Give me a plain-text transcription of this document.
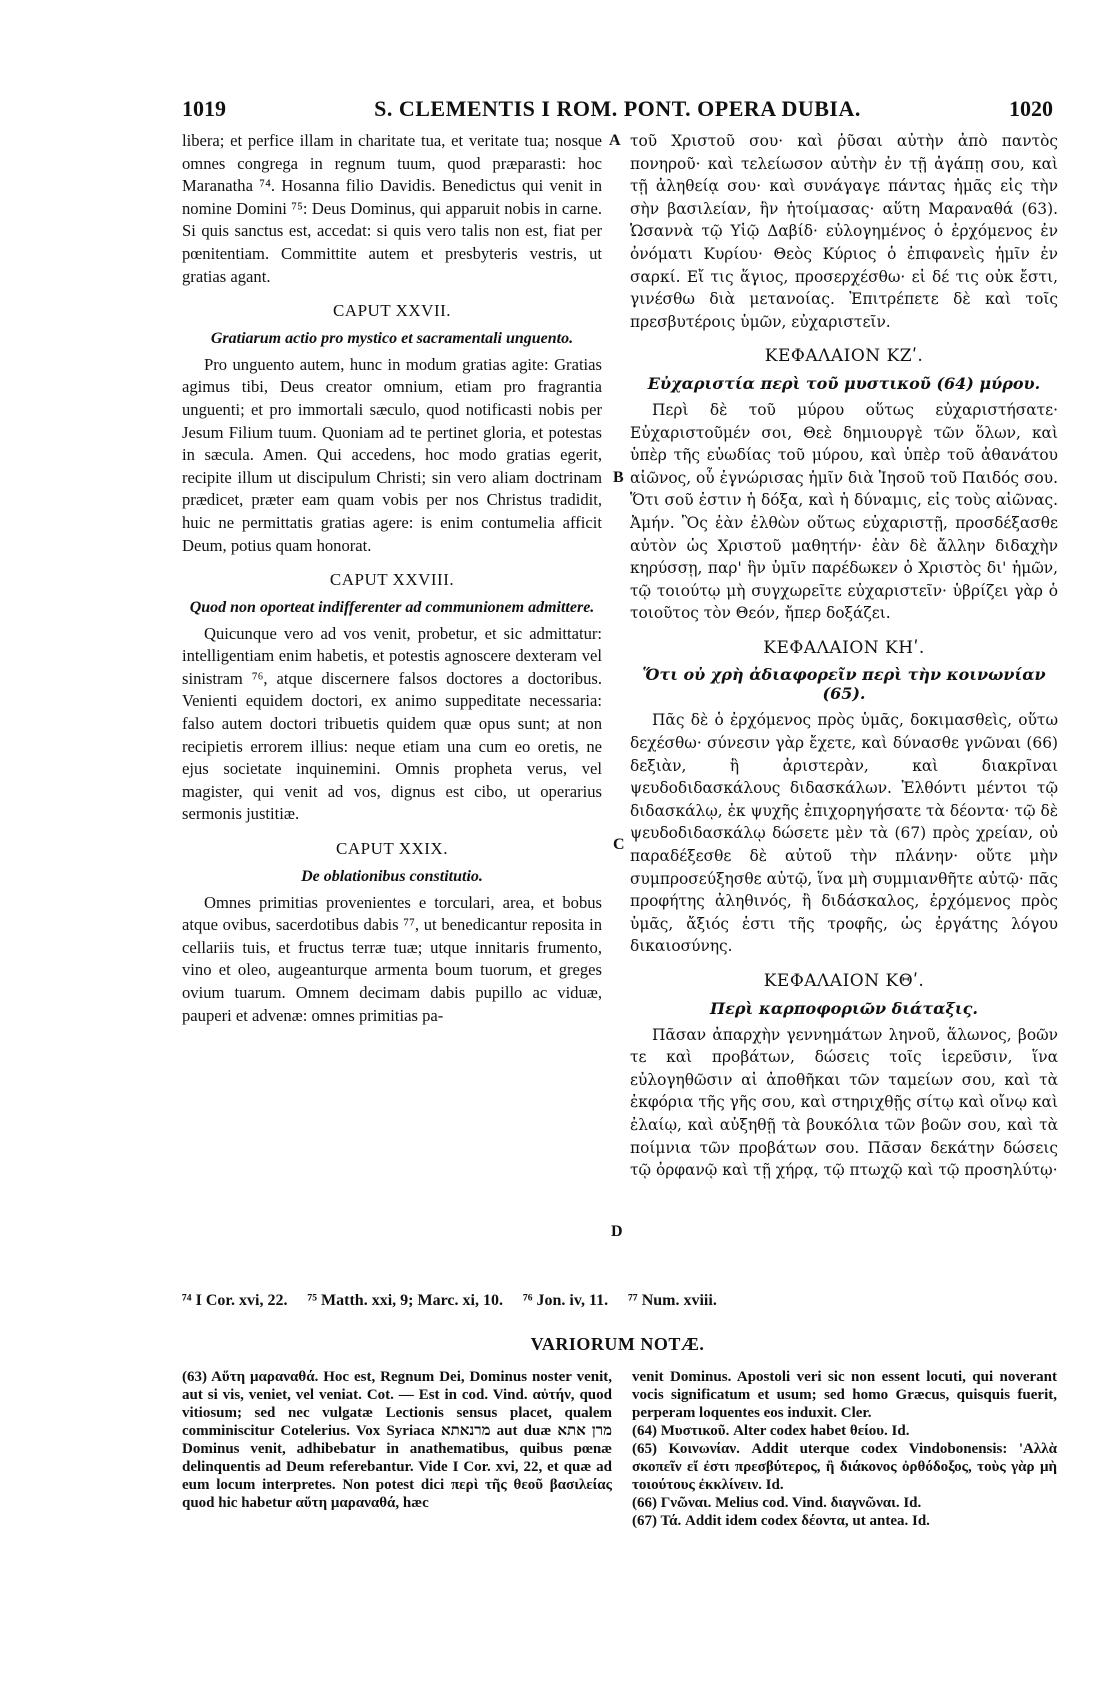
1019	S. CLEMENTIS I ROM. PONT. OPERA DUBIA.	1020
A
B
C
D

libera; et perfice illam in charitate tua, et veritate tua; nosque omnes congrega in regnum tuum, quod præparasti: hoc Maranatha ⁷⁴. Hosanna filio Davidis. Benedictus qui venit in nomine Domini ⁷⁵: Deus Dominus, qui apparuit nobis in carne. Si quis sanctus est, accedat: si quis vero talis non est, fiat per pœnitentiam. Committite autem et presbyteris vestris, ut gratias agant.

CAPUT XXVII.
Gratiarum actio pro mystico et sacramentali unguento.

Pro unguento autem, hunc in modum gratias agite: Gratias agimus tibi, Deus creator omnium, etiam pro fragrantia unguenti; et pro immortali sæculo, quod notificasti nobis per Jesum Filium tuum. Quoniam ad te pertinet gloria, et potestas in sæcula. Amen. Qui accedens, hoc modo gratias egerit, recipite illum ut discipulum Christi; sin vero aliam doctrinam prædicet, præter eam quam vobis per nos Christus tradidit, huic ne permittatis gratias agere: is enim contumelia afficit Deum, potius quam honorat.

CAPUT XXVIII.
Quod non oporteat indifferenter ad communionem admittere.

Quicunque vero ad vos venit, probetur, et sic admittatur: intelligentiam enim habetis, et potestis agnoscere dexteram vel sinistram ⁷⁶, atque discernere falsos doctores a doctoribus. Venienti equidem doctori, ex animo suppeditate necessaria: falso autem doctori tribuetis quidem quæ opus sunt; at non recipietis errorem illius: neque etiam una cum eo oretis, ne ejus societate inquinemini. Omnis propheta verus, vel magister, qui venit ad vos, dignus est cibo, ut operarius sermonis justitiæ.

CAPUT XXIX.
De oblationibus constitutio.

Omnes primitias provenientes e torculari, area, et bobus atque ovibus, sacerdotibus dabis ⁷⁷, ut benedicantur reposita in cellariis tuis, et fructus terræ tuæ; utque innitaris frumento, vino et oleo, augeanturque armenta boum tuorum, et greges ovium tuarum. Omnem decimam dabis pupillo ac viduæ, pauperi et advenæ: omnes primitias pa-

τοῦ Χριστοῦ σου· καὶ ῥῦσαι αὐτὴν ἀπὸ παντὸς πονηροῦ· καὶ τελείωσον αὐτὴν ἐν τῇ ἀγάπῃ σου, καὶ τῇ ἀληθείᾳ σου· καὶ συνάγαγε πάντας ἡμᾶς εἰς τὴν σὴν βασιλείαν, ἣν ἡτοίμασας· αὕτη Μαραναθά (63). Ὡσαννὰ τῷ Υἱῷ Δαβίδ· εὐλογημένος ὁ ἐρχόμενος ἐν ὀνόματι Κυρίου· Θεὸς Κύριος ὁ ἐπιφανεὶς ἡμῖν ἐν σαρκί. Εἴ τις ἅγιος, προσερχέσθω· εἰ δέ τις οὐκ ἔστι, γινέσθω διὰ μετανοίας. Ἐπιτρέπετε δὲ καὶ τοῖς πρεσβυτέροις ὑμῶν, εὐχαριστεῖν.

ΚΕΦΑΛΑΙΟΝ ΚΖʹ.
Εὐχαριστία περὶ τοῦ μυστικοῦ (64) μύρου.

Περὶ δὲ τοῦ μύρου οὕτως εὐχαριστήσατε· Εὐχαριστοῦμέν σοι, Θεὲ δημιουργὲ τῶν ὅλων, καὶ ὑπὲρ τῆς εὐωδίας τοῦ μύρου, καὶ ὑπὲρ τοῦ ἀθανάτου αἰῶνος, οὗ ἐγνώρισας ἡμῖν διὰ Ἰησοῦ τοῦ Παιδός σου. Ὅτι σοῦ ἐστιν ἡ δόξα, καὶ ἡ δύναμις, εἰς τοὺς αἰῶνας. Ἀμήν. Ὃς ἐὰν ἐλθὼν οὕτως εὐχαριστῇ, προσδέξασθε αὐτὸν ὡς Χριστοῦ μαθητήν· ἐὰν δὲ ἄλλην διδαχὴν κηρύσσῃ, παρ' ἣν ὑμῖν παρέδωκεν ὁ Χριστὸς δι' ἡμῶν, τῷ τοιούτῳ μὴ συγχωρεῖτε εὐχαριστεῖν· ὑβρίζει γὰρ ὁ τοιοῦτος τὸν Θεόν, ἤπερ δοξάζει.

ΚΕΦΑΛΑΙΟΝ ΚΗʹ.
Ὅτι οὐ χρὴ ἀδιαφορεῖν περὶ τὴν κοινωνίαν (65).

Πᾶς δὲ ὁ ἐρχόμενος πρὸς ὑμᾶς, δοκιμασθεὶς, οὕτω δεχέσθω· σύνεσιν γὰρ ἔχετε, καὶ δύνασθε γνῶναι (66) δεξιὰν, ἢ ἀριστερὰν, καὶ διακρῖναι ψευδοδιδασκάλους διδασκάλων. Ἐλθόντι μέντοι τῷ διδασκάλῳ, ἐκ ψυχῆς ἐπιχορηγήσατε τὰ δέοντα· τῷ δὲ ψευδοδιδασκάλῳ δώσετε μὲν τὰ (67) πρὸς χρείαν, οὐ παραδέξεσθε δὲ αὐτοῦ τὴν πλάνην· οὔτε μὴν συμπροσεύξησθε αὐτῷ, ἵνα μὴ συμμιανθῆτε αὐτῷ· πᾶς προφήτης ἀληθινός, ἢ διδάσκαλος, ἐρχόμενος πρὸς ὑμᾶς, ἄξιός ἐστι τῆς τροφῆς, ὡς ἐργάτης λόγου δικαιοσύνης.

ΚΕΦΑΛΑΙΟΝ ΚΘʹ.
Περὶ καρποφοριῶν διάταξις.

Πᾶσαν ἀπαρχὴν γεννημάτων ληνοῦ, ἅλωνος, βοῶν τε καὶ προβάτων, δώσεις τοῖς ἱερεῦσιν, ἵνα εὐλογηθῶσιν αἱ ἀποθῆκαι τῶν ταμείων σου, καὶ τὰ ἐκφόρια τῆς γῆς σου, καὶ στηριχθῇς σίτῳ καὶ οἴνῳ καὶ ἐλαίῳ, καὶ αὐξηθῇ τὰ βουκόλια τῶν βοῶν σου, καὶ τὰ ποίμνια τῶν προβάτων σου. Πᾶσαν δεκάτην δώσεις τῷ ὀρφανῷ καὶ τῇ χήρᾳ, τῷ πτωχῷ καὶ τῷ προσηλύτῳ·

⁷⁴ I Cor. xvi, 22. ⁷⁵ Matth. xxi, 9; Marc. xi, 10. ⁷⁶ Jon. iv, 11. ⁷⁷ Num. xviii.
VARIORUM NOTÆ.

(63) Αὕτη μαραναθά. Hoc est, Regnum Dei, Dominus noster venit, aut si vis, veniet, vel veniat. Cot. — Est in cod. Vind. αὐτήν, quod vitiosum; sed nec vulgatæ Lectionis sensus placet, qualem comminiscitur Cotelerius. Vox Syriaca מרנאתא aut duæ מרן אתא Dominus venit, adhibebatur in anathematibus, quibus pœnæ delinquentis ad Deum referebantur. Vide I Cor. xvi, 22, et quæ ad eum locum interpretes. Non potest dici περὶ τῆς θεοῦ βασιλείας quod hic habetur αὕτη μαραναθά, hæc

venit Dominus. Apostoli veri sic non essent locuti, qui noverant vocis significatum et usum; sed homo Græcus, quisquis fuerit, perperam loquentes eos induxit. Cler.

(64) Μυστικοῦ. Alter codex habet θείου. Id.

(65) Κοινωνίαν. Addit uterque codex Vindobonensis: 'Αλλὰ σκοπεῖν εἴ ἐστι πρεσβύτερος, ἢ διάκονος ὀρθόδοξος, τοὺς γὰρ μὴ τοιούτους ἐκκλίνειν. Id.

(66) Γνῶναι. Melius cod. Vind. διαγνῶναι. Id.

(67) Τά. Addit idem codex δέοντα, ut antea. Id.
